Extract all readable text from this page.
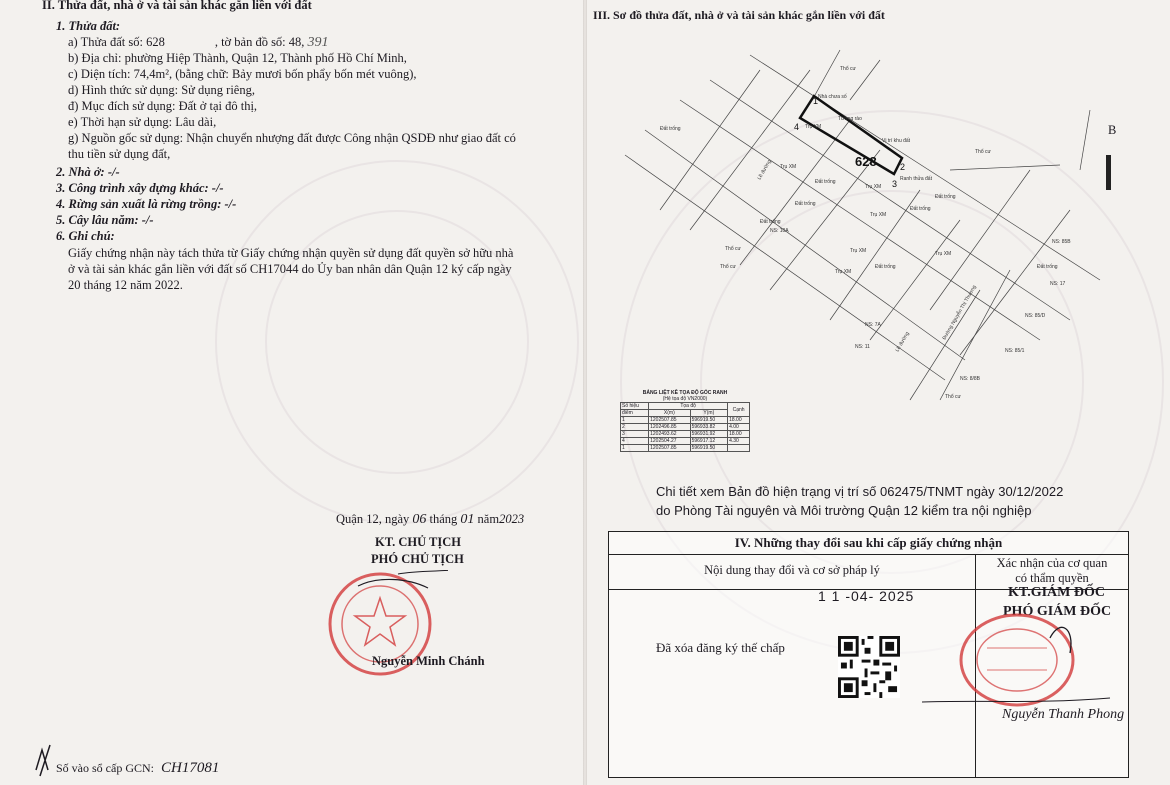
II. Thửa đất, nhà ở và tài sản khác gắn liền với đất
1. Thửa đất:
a) Thửa đất số: 628	, tờ bản đồ số: 48, 391
b) Địa chỉ: phường Hiệp Thành, Quận 12, Thành phố Hồ Chí Minh,
c) Diện tích: 74,4m², (bằng chữ: Bảy mươi bốn phẩy bốn mét vuông),
d) Hình thức sử dụng: Sử dụng riêng,
đ) Mục đích sử dụng: Đất ở tại đô thị,
e) Thời hạn sử dụng: Lâu dài,
g) Nguồn gốc sử dụng: Nhận chuyển nhượng đất được Công nhận QSDĐ như giao đất có
thu tiền sử dụng đất,
2. Nhà ở: -/-
3. Công trình xây dựng khác: -/-
4. Rừng sản xuất là rừng trồng: -/-
5. Cây lâu năm: -/-
6. Ghi chú:
Giấy chứng nhận này tách thửa từ Giấy chứng nhận quyền sử dụng đất quyền sở hữu nhà
ở và tài sản khác gắn liền với đất số CH17044 do Ủy ban nhân dân Quận 12 ký cấp ngày
20 tháng 12 năm 2022.
Quận 12, ngày 06 tháng 01 năm2023
KT. CHỦ TỊCH
PHÓ CHỦ TỊCH
Nguyễn Minh Chánh
Số vào sổ cấp GCN: CH17081
III. Sơ đồ thửa đất, nhà ở và tài sản khác gắn liền với đất
B
628
1
2
3
4
Nhà chưa số
Tường rào
Vị trí khu đất
Ranh thửa đất
Đất trống	Trụ XM
Thổ cư
Trụ XM
Đất trống
Trụ XM
Đất trống
Đất trống
Trụ XM
Đất trống
Trụ XM
Đất trống
NS: 10A
Thổ cư
Thổ cư
Trụ XM
NS: 7A
NS: 11
Thổ cư
Đất trống
Trụ XM
Đất trống
NS: 85B
NS: 17
NS: 85/D
NS: 85/1
NS: 8/8B
Thổ cư
Lề đường
Đường Nguyễn Thị Thương
Lề đường
BẢNG LIỆT KÊ TỌA ĐỘ GÓC RANH
(Hệ tọa độ VN2000)
Số hiệu	Tọa độ		Cạnh
điểm	X(m)	Y(m)	
1	1202507.85	596919.50	18.00
2	1202496.85	596933.82	4.00
3	1202493.62	596931.92	18.00
4	1202504.27	596917.12	4.30
1	1202507.85	596919.50	
Chi tiết xem Bản đồ hiện trạng vị trí số 062475/TNMT ngày 30/12/2022
do Phòng Tài nguyên và Môi trường Quận 12 kiểm tra nội nghiệp
IV. Những thay đổi sau khi cấp giấy chứng nhận
Nội dung thay đổi và cơ sở pháp lý	Xác nhận của cơ quan
có thẩm quyền
1 1 -04- 2025
Đã xóa đăng ký thế chấp
KT.GIÁM ĐỐC
PHÓ GIÁM ĐỐC
Nguyễn Thanh Phong
